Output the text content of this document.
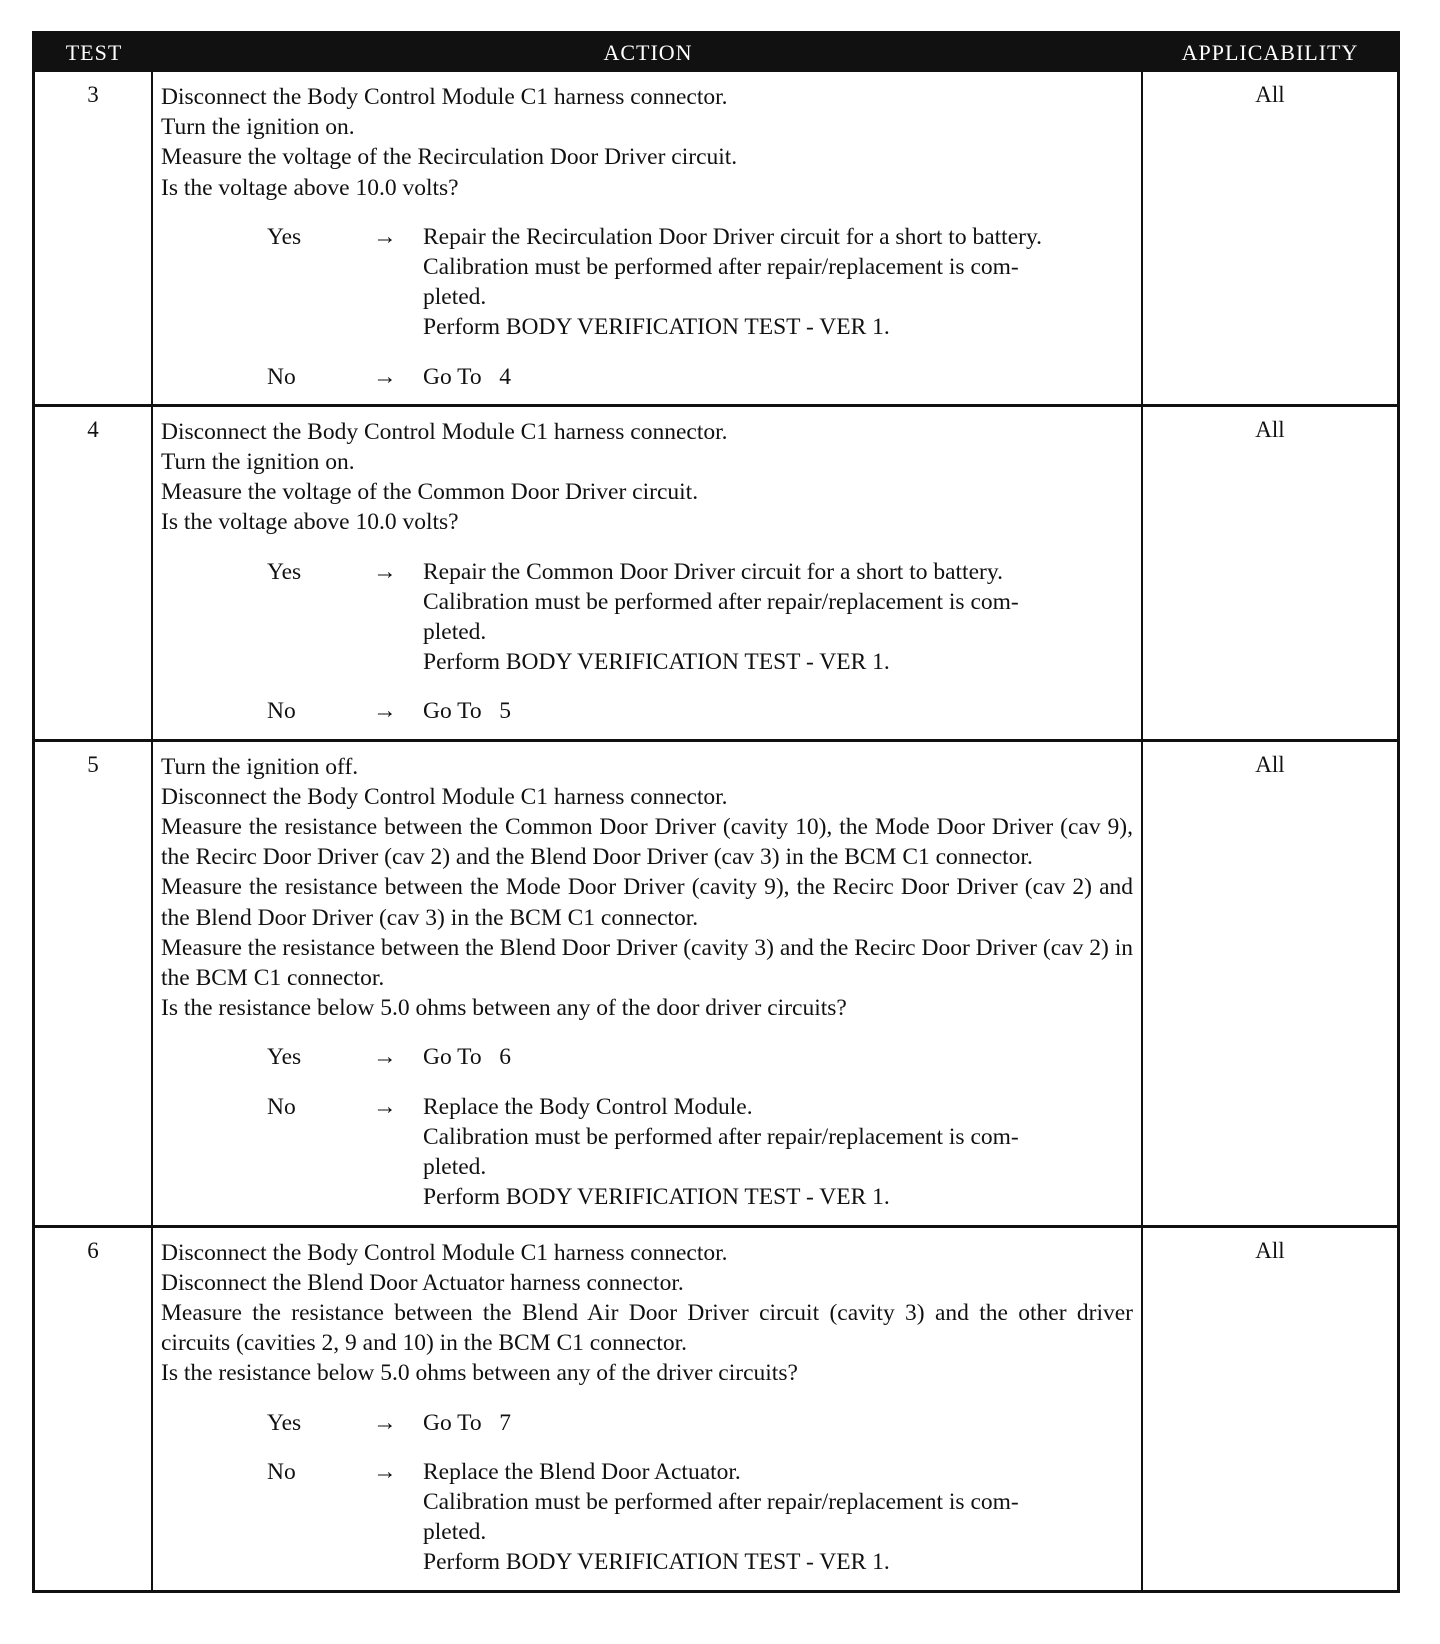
TEST	ACTION	APPLICABILITY
3	Disconnect the Body Control Module C1 harness connector.
Turn the ignition on.
Measure the voltage of the Recirculation Door Driver circuit.
Is the voltage above 10.0 volts?
Yes	→	Repair the Recirculation Door Driver circuit for a short to battery.
Calibration must be performed after repair/replacement is com-
pleted.
Perform BODY VERIFICATION TEST - VER 1.
No	→	Go To   4
All
4	Disconnect the Body Control Module C1 harness connector.
Turn the ignition on.
Measure the voltage of the Common Door Driver circuit.
Is the voltage above 10.0 volts?
Yes	→	Repair the Common Door Driver circuit for a short to battery.
Calibration must be performed after repair/replacement is com-
pleted.
Perform BODY VERIFICATION TEST - VER 1.
No	→	Go To   5
All
5	Turn the ignition off.
Disconnect the Body Control Module C1 harness connector.
Measure the resistance between the Common Door Driver (cavity 10), the Mode Door Driver (cav 9), the Recirc Door Driver (cav 2) and the Blend Door Driver (cav 3) in the BCM C1 connector.
Measure the resistance between the Mode Door Driver (cavity 9), the Recirc Door Driver (cav 2) and the Blend Door Driver (cav 3) in the BCM C1 connector.
Measure the resistance between the Blend Door Driver (cavity 3) and the Recirc Door Driver (cav 2) in the BCM C1 connector.
Is the resistance below 5.0 ohms between any of the door driver circuits?
Yes	→	Go To   6
No	→	Replace the Body Control Module.
Calibration must be performed after repair/replacement is com-
pleted.
Perform BODY VERIFICATION TEST - VER 1.
All
6	Disconnect the Body Control Module C1 harness connector.
Disconnect the Blend Door Actuator harness connector.
Measure the resistance between the Blend Air Door Driver circuit (cavity 3) and the other driver circuits (cavities 2, 9 and 10) in the BCM C1 connector.
Is the resistance below 5.0 ohms between any of the driver circuits?
Yes	→	Go To   7
No	→	Replace the Blend Door Actuator.
Calibration must be performed after repair/replacement is com-
pleted.
Perform BODY VERIFICATION TEST - VER 1.
All
